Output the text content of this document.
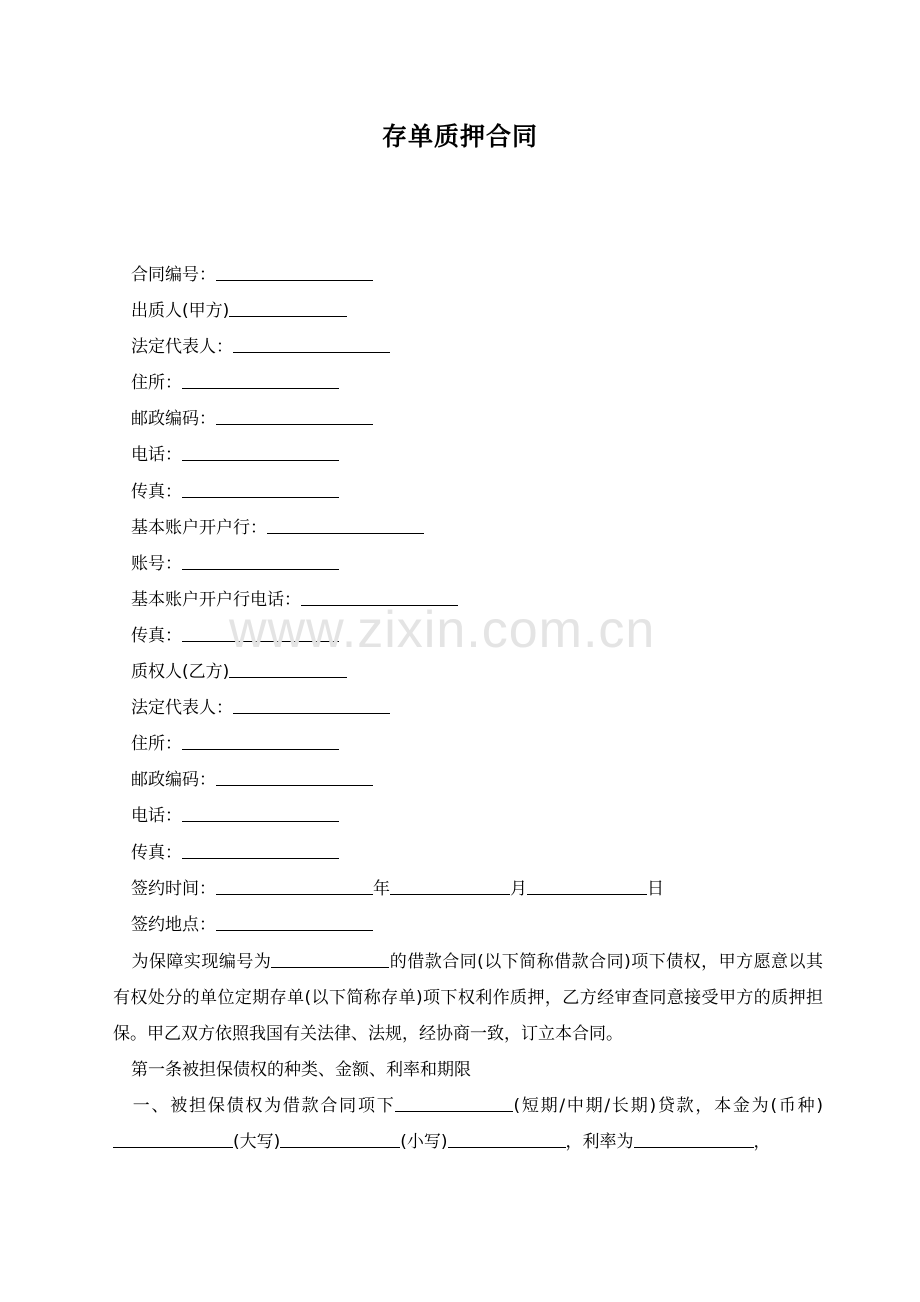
存单质押合同
合同编号：
出质人(甲方)
法定代表人：
住所：
邮政编码：
电话：
传真：
基本账户开户行：
账号：
基本账户开户行电话：
传真：
质权人(乙方)
法定代表人：
住所：
邮政编码：
电话：
传真：
签约时间：	年	月	日
签约地点：
为保障实现编号为	的借款合同(以下简称借款合同)项下债权，甲方愿意以其有权处分的单位定期存单(以下简称存单)项下权利作质押，乙方经审查同意接受甲方的质押担保。甲乙双方依照我国有关法律、法规，经协商一致，订立本合同。
第一条被担保债权的种类、金额、利率和期限
一、被担保债权为借款合同项下	(短期/中期/长期)贷款，本金为(币种)(大写)	(小写)	，利率为	，
www.zixin.com.cn
